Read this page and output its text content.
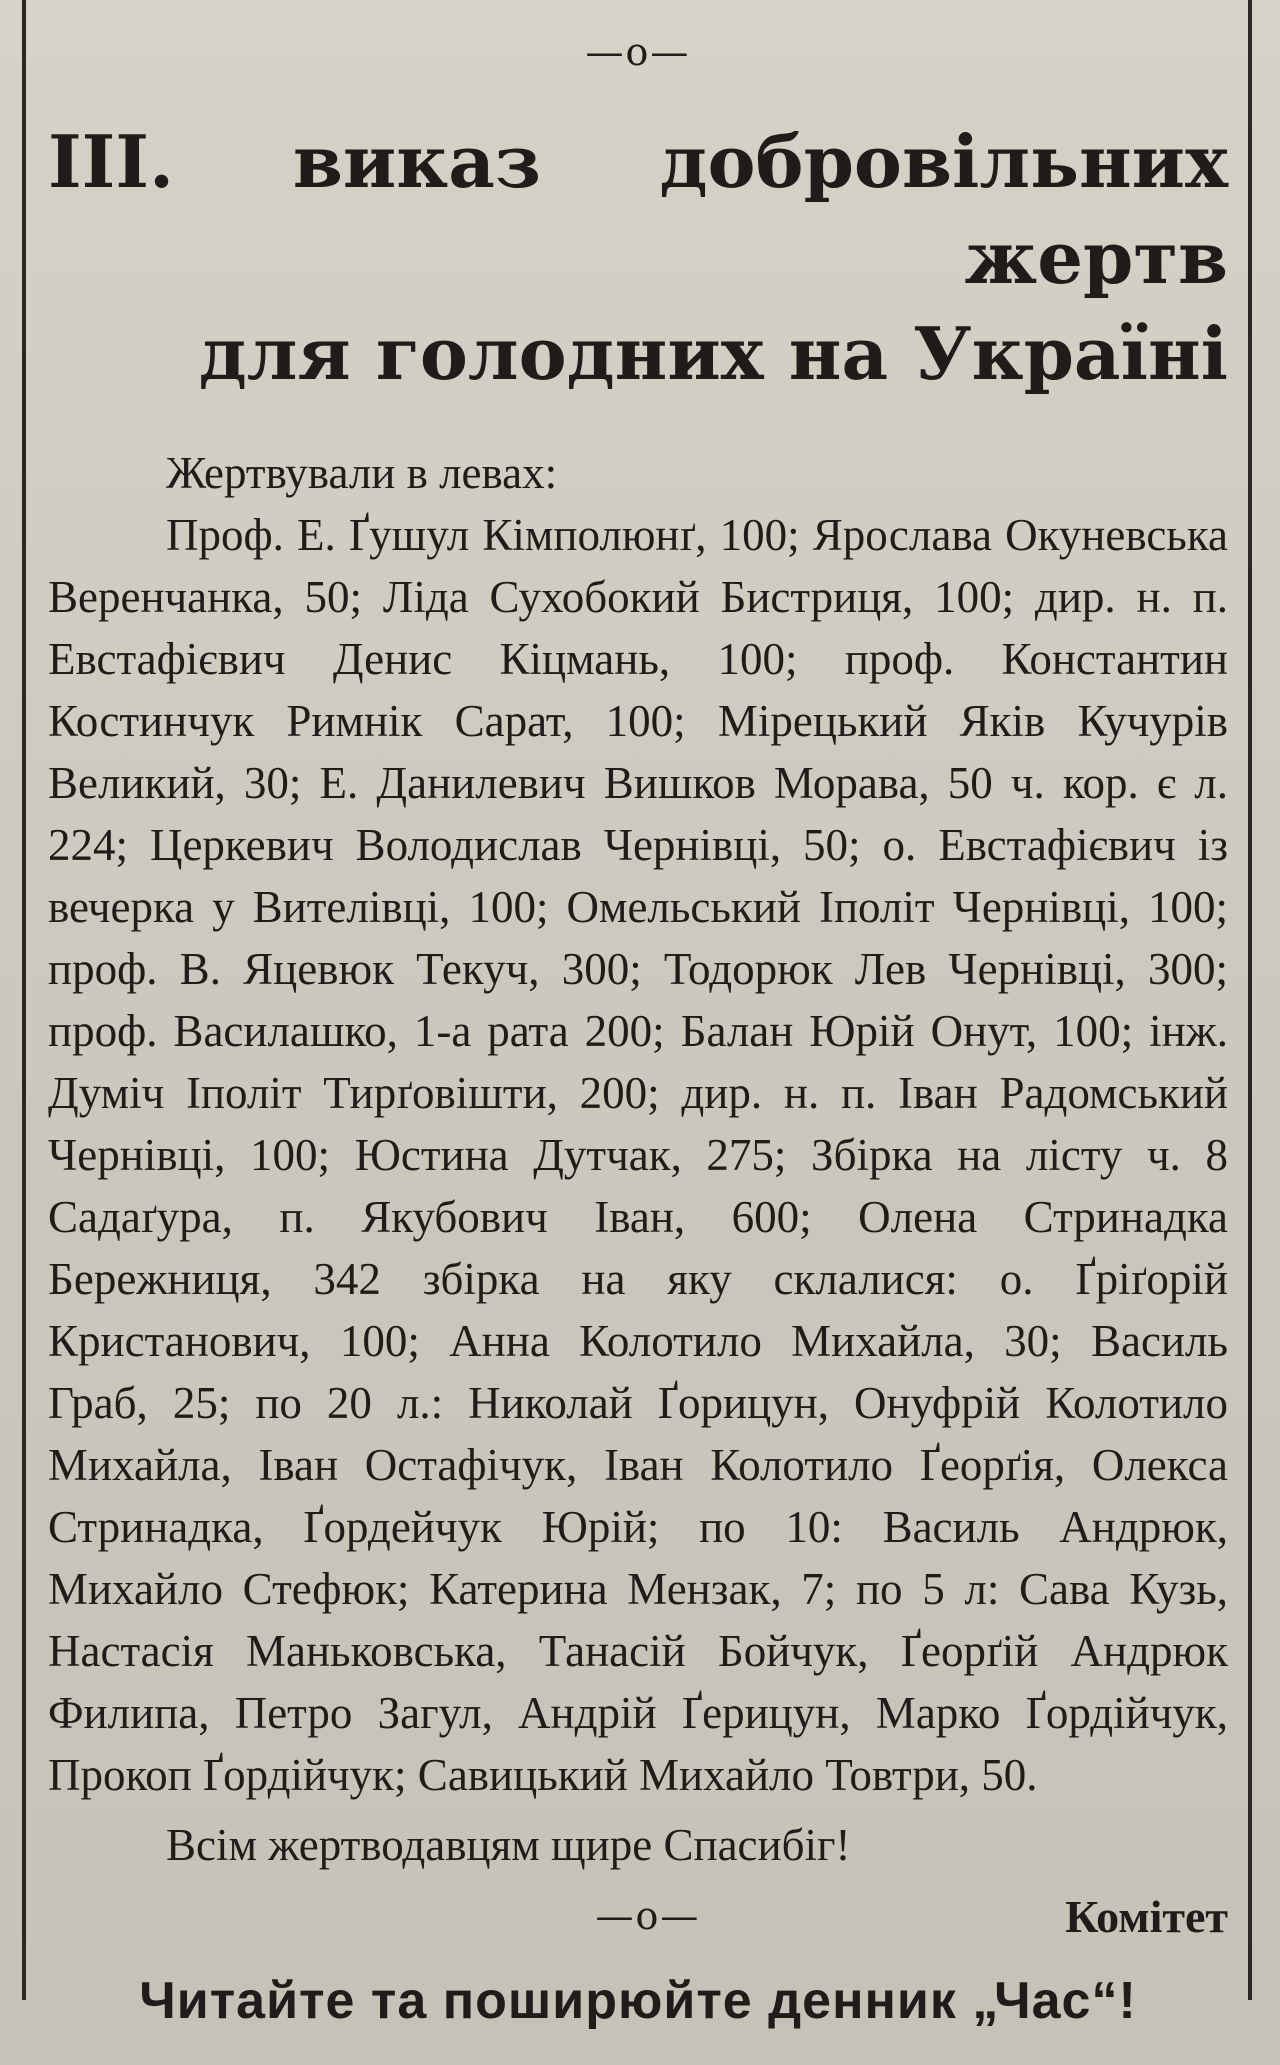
—o—
III. виказ добровільних жертв
для голодних на Україні
Жертвували в левах:

Проф. Е. Ґушул Кімполюнґ, 100; Ярослава Окуневська Веренчанка, 50; Ліда Сухобокий Бистриця, 100; дир. н. п. Евстафієвич Денис Кіцмань, 100; проф. Константин Костинчук Римнік Сарат, 100; Мірецький Яків Кучурів Великий, 30; Е. Данилевич Вишков Морава, 50 ч. кор. є л. 224; Церкевич Володислав Чернівці, 50; о. Евстафієвич із вечерка у Вителівці, 100; Омельський Іполіт Чернівці, 100; проф. В. Яцевюк Текуч, 300; Тодорюк Лев Чернівці, 300; проф. Василашко, 1-а рата 200; Балан Юрій Онут, 100; інж. Думіч Іполіт Тирґовішти, 200; дир. н. п. Іван Радомський Чернівці, 100; Юстина Дутчак, 275; Збірка на лісту ч. 8 Садаґура, п. Якубович Іван, 600; Олена Стринадка Бережниця, 342 збірка на яку склалися: о. Ґріґорій Кристанович, 100; Анна Колотило Михайла, 30; Василь Граб, 25; по 20 л.: Николай Ґорицун, Онуфрій Колотило Михайла, Іван Остафічук, Іван Колотило Ґеорґія, Олекса Стринадка, Ґордейчук Юрій; по 10: Василь Андрюк, Михайло Стефюк; Катерина Мензак, 7; по 5 л: Сава Кузь, Настасія Маньковська, Танасій Бойчук, Ґеорґій Андрюк Филипа, Петро Загул, Андрій Ґерицун, Марко Ґордійчук, Прокоп Ґордійчук; Савицький Михайло Товтри, 50.

Всім жертводавцям щире Спасибіг!
—o—	Комітет
Читайте та поширюйте денник „Час“!
